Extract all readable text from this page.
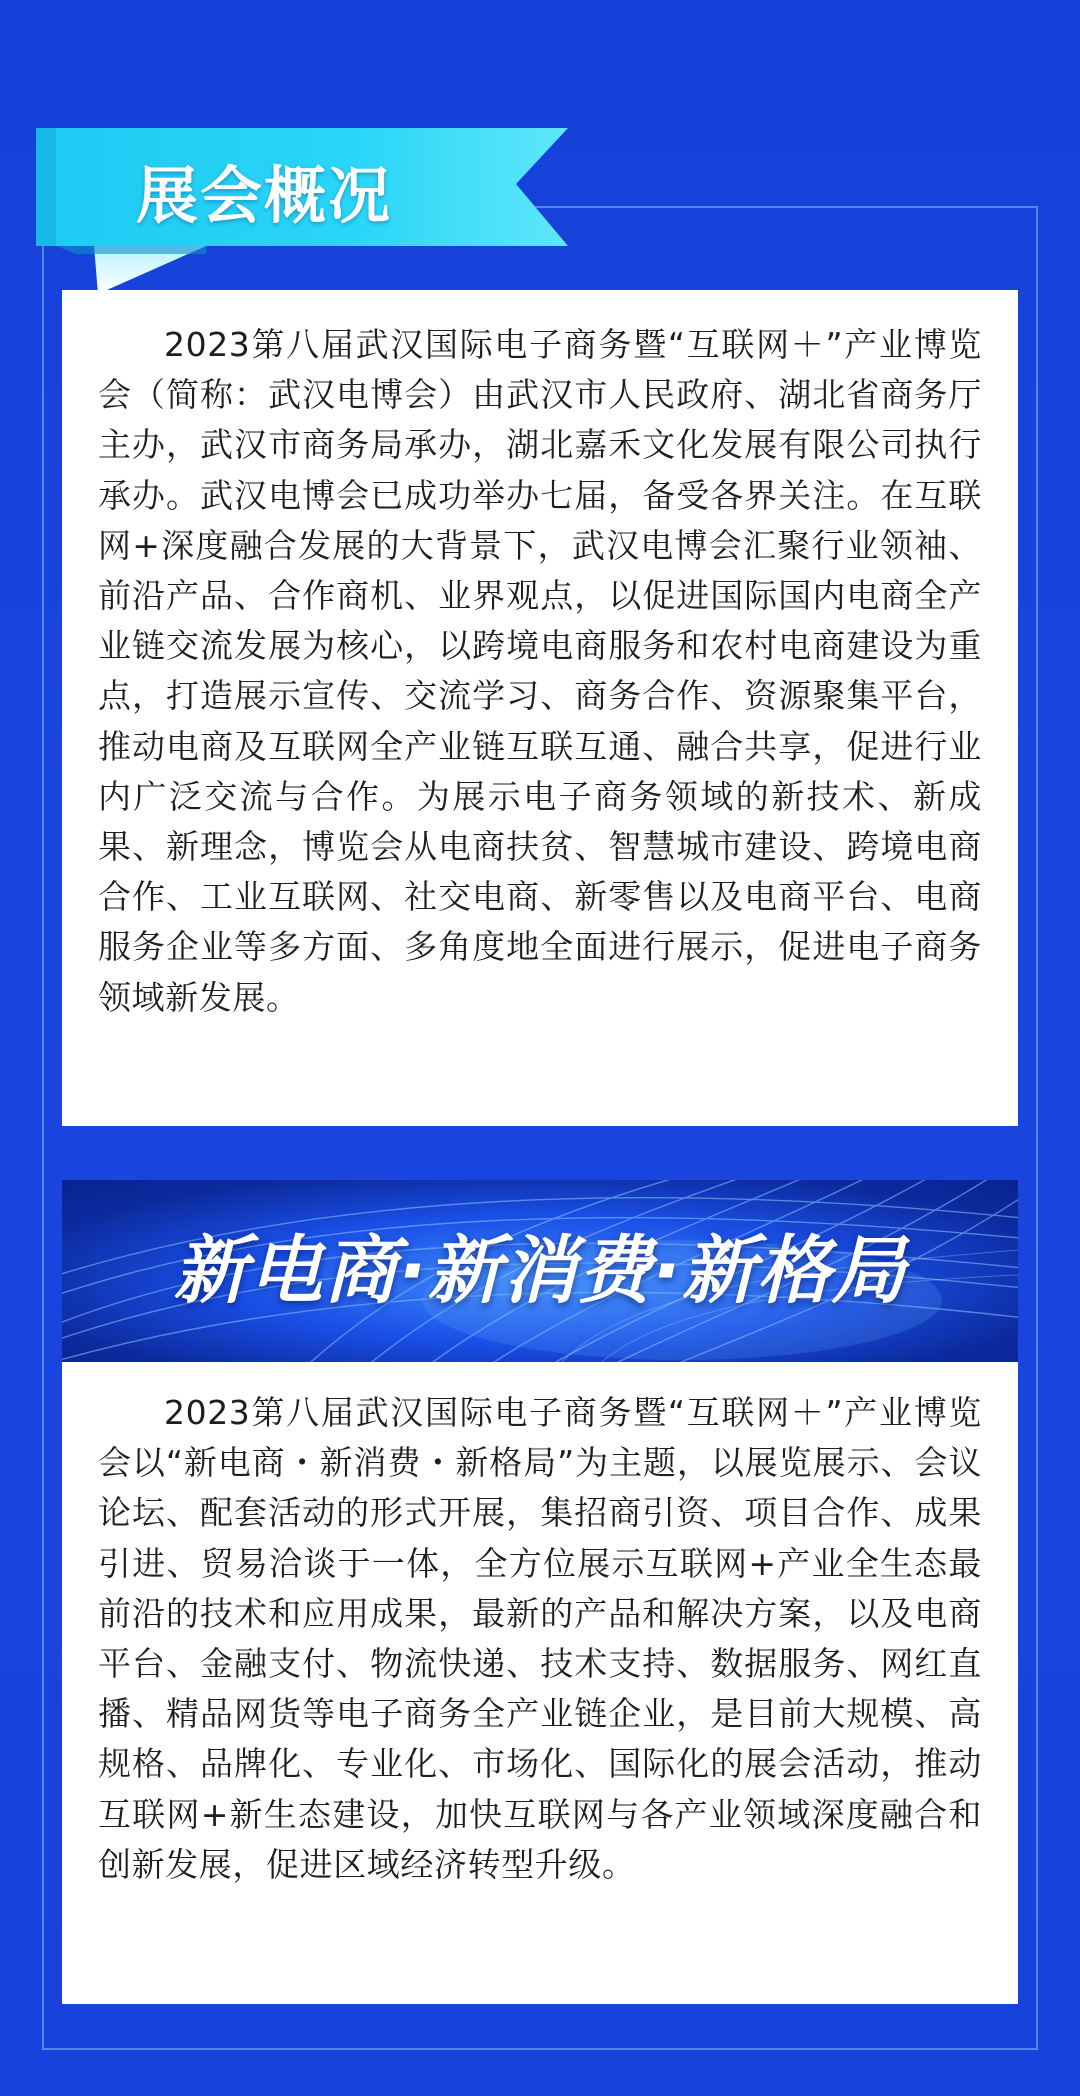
展会概况

2023第八届武汉国际电子商务暨“互联网＋”产业博览会（简称：武汉电博会）由武汉市人民政府、湖北省商务厅主办，武汉市商务局承办，湖北嘉禾文化发展有限公司执行承办。武汉电博会已成功举办七届，备受各界关注。在互联网+深度融合发展的大背景下，武汉电博会汇聚行业领袖、前沿产品、合作商机、业界观点，以促进国际国内电商全产业链交流发展为核心，以跨境电商服务和农村电商建设为重点，打造展示宣传、交流学习、商务合作、资源聚集平台，推动电商及互联网全产业链互联互通、融合共享，促进行业内广泛交流与合作。为展示电子商务领域的新技术、新成果、新理念，博览会从电商扶贫、智慧城市建设、跨境电商合作、工业互联网、社交电商、新零售以及电商平台、电商服务企业等多方面、多角度地全面进行展示，促进电子商务领域新发展。

新电商·新消费·新格局

2023第八届武汉国际电子商务暨“互联网＋”产业博览会以“新电商・新消费・新格局”为主题，以展览展示、会议论坛、配套活动的形式开展，集招商引资、项目合作、成果引进、贸易洽谈于一体，全方位展示互联网+产业全生态最前沿的技术和应用成果，最新的产品和解决方案，以及电商平台、金融支付、物流快递、技术支持、数据服务、网红直播、精品网货等电子商务全产业链企业，是目前大规模、高规格、品牌化、专业化、市场化、国际化的展会活动，推动互联网+新生态建设，加快互联网与各产业领域深度融合和创新发展，促进区域经济转型升级。
